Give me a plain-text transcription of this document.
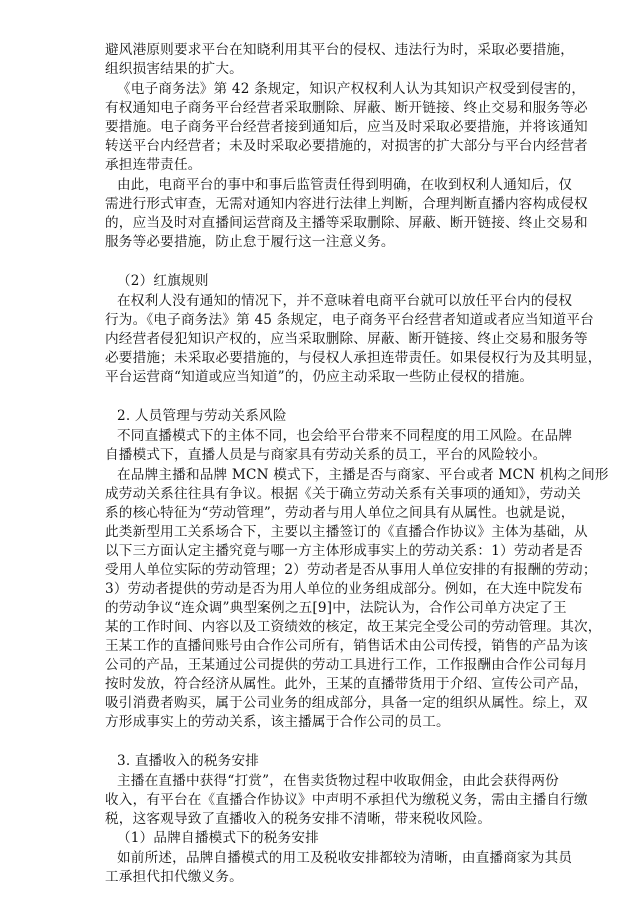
避风港原则要求平台在知晓利用其平台的侵权、违法行为时，采取必要措施，
组织损害结果的扩大。
《电子商务法》第 42 条规定，知识产权权利人认为其知识产权受到侵害的，
有权通知电子商务平台经营者采取删除、屏蔽、断开链接、终止交易和服务等必
要措施。电子商务平台经营者接到通知后，应当及时采取必要措施，并将该通知
转送平台内经营者；未及时采取必要措施的，对损害的扩大部分与平台内经营者
承担连带责任。
由此，电商平台的事中和事后监管责任得到明确，在收到权利人通知后，仅
需进行形式审查，无需对通知内容进行法律上判断，合理判断直播内容构成侵权
的，应当及时对直播间运营商及主播等采取删除、屏蔽、断开链接、终止交易和
服务等必要措施，防止怠于履行这一注意义务。
（2）红旗规则
在权利人没有通知的情况下，并不意味着电商平台就可以放任平台内的侵权
行为。《电子商务法》第 45 条规定，电子商务平台经营者知道或者应当知道平台
内经营者侵犯知识产权的，应当采取删除、屏蔽、断开链接、终止交易和服务等
必要措施；未采取必要措施的，与侵权人承担连带责任。如果侵权行为及其明显，
平台运营商“知道或应当知道”的，仍应主动采取一些防止侵权的措施。
2. 人员管理与劳动关系风险
不同直播模式下的主体不同，也会给平台带来不同程度的用工风险。在品牌
自播模式下，直播人员是与商家具有劳动关系的员工，平台的风险较小。
在品牌主播和品牌 MCN 模式下，主播是否与商家、平台或者 MCN 机构之间形
成劳动关系往往具有争议。根据《关于确立劳动关系有关事项的通知》，劳动关
系的核心特征为“劳动管理”，劳动者与用人单位之间具有从属性。也就是说，
此类新型用工关系场合下，主要以主播签订的《直播合作协议》主体为基础，从
以下三方面认定主播究竟与哪一方主体形成事实上的劳动关系：1）劳动者是否
受用人单位实际的劳动管理；2）劳动者是否从事用人单位安排的有报酬的劳动；
3）劳动者提供的劳动是否为用人单位的业务组成部分。例如，在大连中院发布
的劳动争议“连众调”典型案例之五[9]中，法院认为，合作公司单方决定了王
某的工作时间、内容以及工资绩效的核定，故王某完全受公司的劳动管理。其次，
王某工作的直播间账号由合作公司所有，销售话术由公司传授，销售的产品为该
公司的产品，王某通过公司提供的劳动工具进行工作，工作报酬由合作公司每月
按时发放，符合经济从属性。此外，王某的直播带货用于介绍、宣传公司产品，
吸引消费者购买，属于公司业务的组成部分，具备一定的组织从属性。综上，双
方形成事实上的劳动关系，该主播属于合作公司的员工。
3. 直播收入的税务安排
主播在直播中获得“打赏”，在售卖货物过程中收取佣金，由此会获得两份
收入，有平台在《直播合作协议》中声明不承担代为缴税义务，需由主播自行缴
税，这客观导致了直播收入的税务安排不清晰，带来税收风险。
（1）品牌自播模式下的税务安排
如前所述，品牌自播模式的用工及税收安排都较为清晰，由直播商家为其员
工承担代扣代缴义务。
